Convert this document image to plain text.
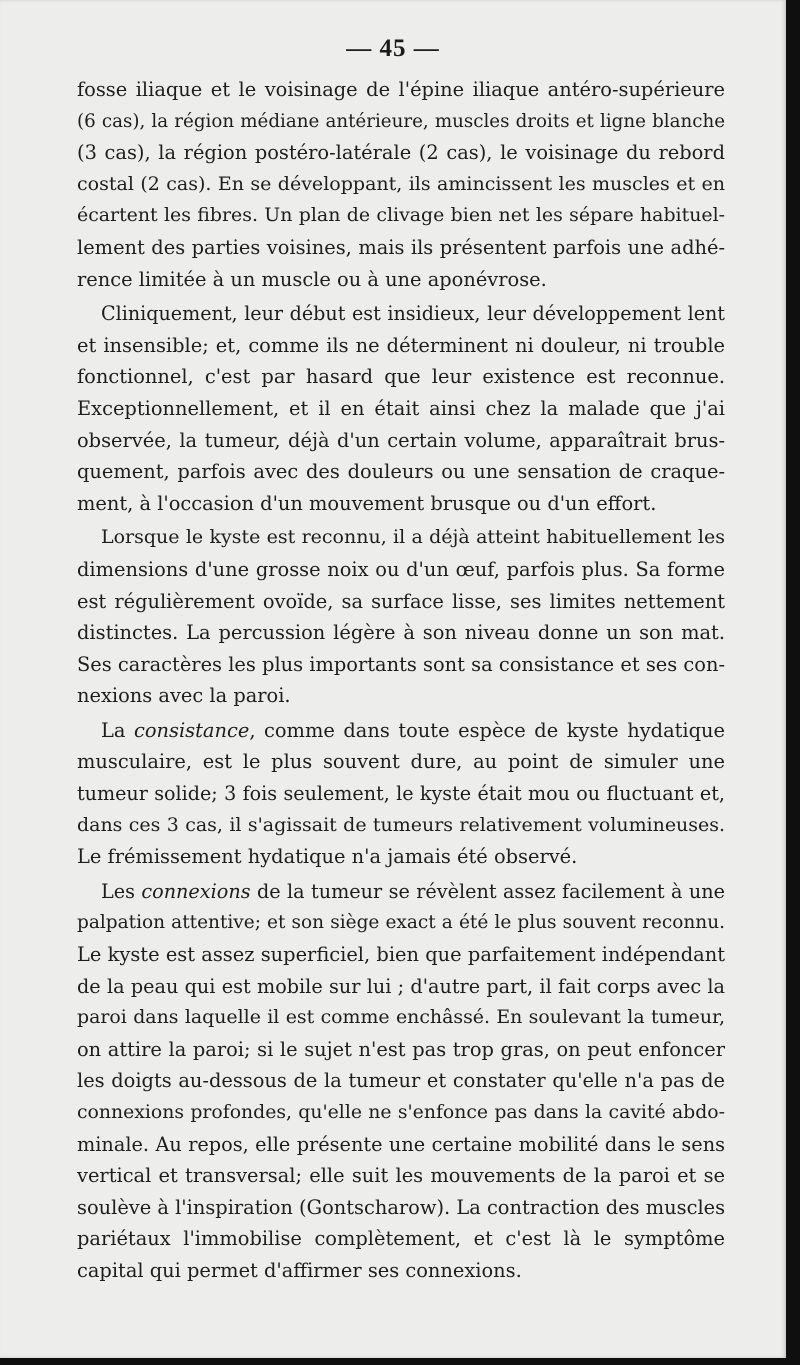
— 45 —
fosse iliaque et le voisinage de l'épine iliaque antéro-supérieure
(6 cas), la région médiane antérieure, muscles droits et ligne blanche
(3 cas), la région postéro-latérale (2 cas), le voisinage du rebord
costal (2 cas). En se développant, ils amincissent les muscles et en
écartent les fibres. Un plan de clivage bien net les sépare habituel-
lement des parties voisines, mais ils présentent parfois une adhé-
rence limitée à un muscle ou à une aponévrose.
Cliniquement, leur début est insidieux, leur développement lent
et insensible; et, comme ils ne déterminent ni douleur, ni trouble
fonctionnel, c'est par hasard que leur existence est reconnue.
Exceptionnellement, et il en était ainsi chez la malade que j'ai
observée, la tumeur, déjà d'un certain volume, apparaîtrait brus-
quement, parfois avec des douleurs ou une sensation de craque-
ment, à l'occasion d'un mouvement brusque ou d'un effort.
Lorsque le kyste est reconnu, il a déjà atteint habituellement les
dimensions d'une grosse noix ou d'un œuf, parfois plus. Sa forme
est régulièrement ovoïde, sa surface lisse, ses limites nettement
distinctes. La percussion légère à son niveau donne un son mat.
Ses caractères les plus importants sont sa consistance et ses con-
nexions avec la paroi.
La consistance, comme dans toute espèce de kyste hydatique
musculaire, est le plus souvent dure, au point de simuler une
tumeur solide; 3 fois seulement, le kyste était mou ou fluctuant et,
dans ces 3 cas, il s'agissait de tumeurs relativement volumineuses.
Le frémissement hydatique n'a jamais été observé.
Les connexions de la tumeur se révèlent assez facilement à une
palpation attentive; et son siège exact a été le plus souvent reconnu.
Le kyste est assez superficiel, bien que parfaitement indépendant
de la peau qui est mobile sur lui ; d'autre part, il fait corps avec la
paroi dans laquelle il est comme enchâssé. En soulevant la tumeur,
on attire la paroi; si le sujet n'est pas trop gras, on peut enfoncer
les doigts au-dessous de la tumeur et constater qu'elle n'a pas de
connexions profondes, qu'elle ne s'enfonce pas dans la cavité abdo-
minale. Au repos, elle présente une certaine mobilité dans le sens
vertical et transversal; elle suit les mouvements de la paroi et se
soulève à l'inspiration (Gontscharow). La contraction des muscles
pariétaux l'immobilise complètement, et c'est là le symptôme
capital qui permet d'affirmer ses connexions.
